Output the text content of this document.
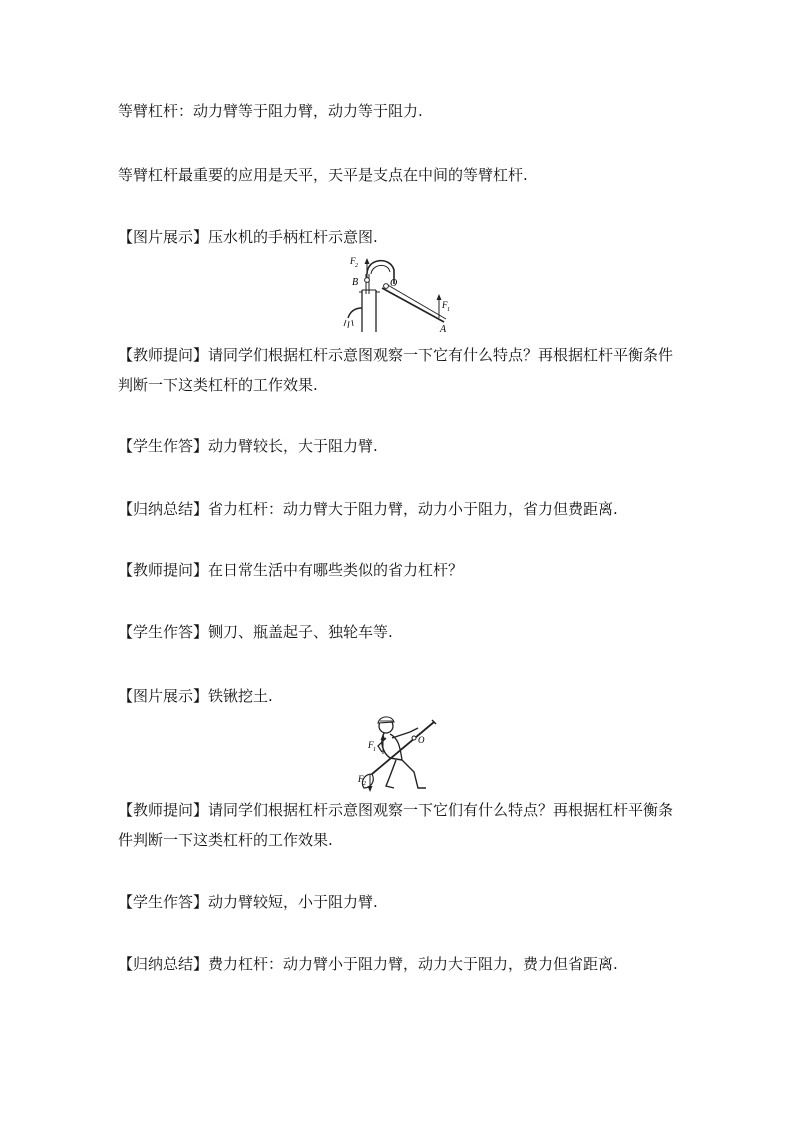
等臂杠杆：动力臂等于阻力臂，动力等于阻力.

等臂杠杆最重要的应用是天平，天平是支点在中间的等臂杠杆.

【图片展示】压水机的手柄杠杆示意图.

F 2
B	O
F 1
A

【教师提问】请同学们根据杠杆示意图观察一下它有什么特点？再根据杠杆平衡条件判断一下这类杠杆的工作效果.

【学生作答】动力臂较长，大于阻力臂.

【归纳总结】省力杠杆：动力臂大于阻力臂，动力小于阻力，省力但费距离.

【教师提问】在日常生活中有哪些类似的省力杠杆？

【学生作答】铡刀、瓶盖起子、独轮车等.

【图片展示】铁锹挖土.

F 1
O
F 2

【教师提问】请同学们根据杠杆示意图观察一下它们有什么特点？再根据杠杆平衡条件判断一下这类杠杆的工作效果.

【学生作答】动力臂较短，小于阻力臂.

【归纳总结】费力杠杆：动力臂小于阻力臂，动力大于阻力，费力但省距离.
